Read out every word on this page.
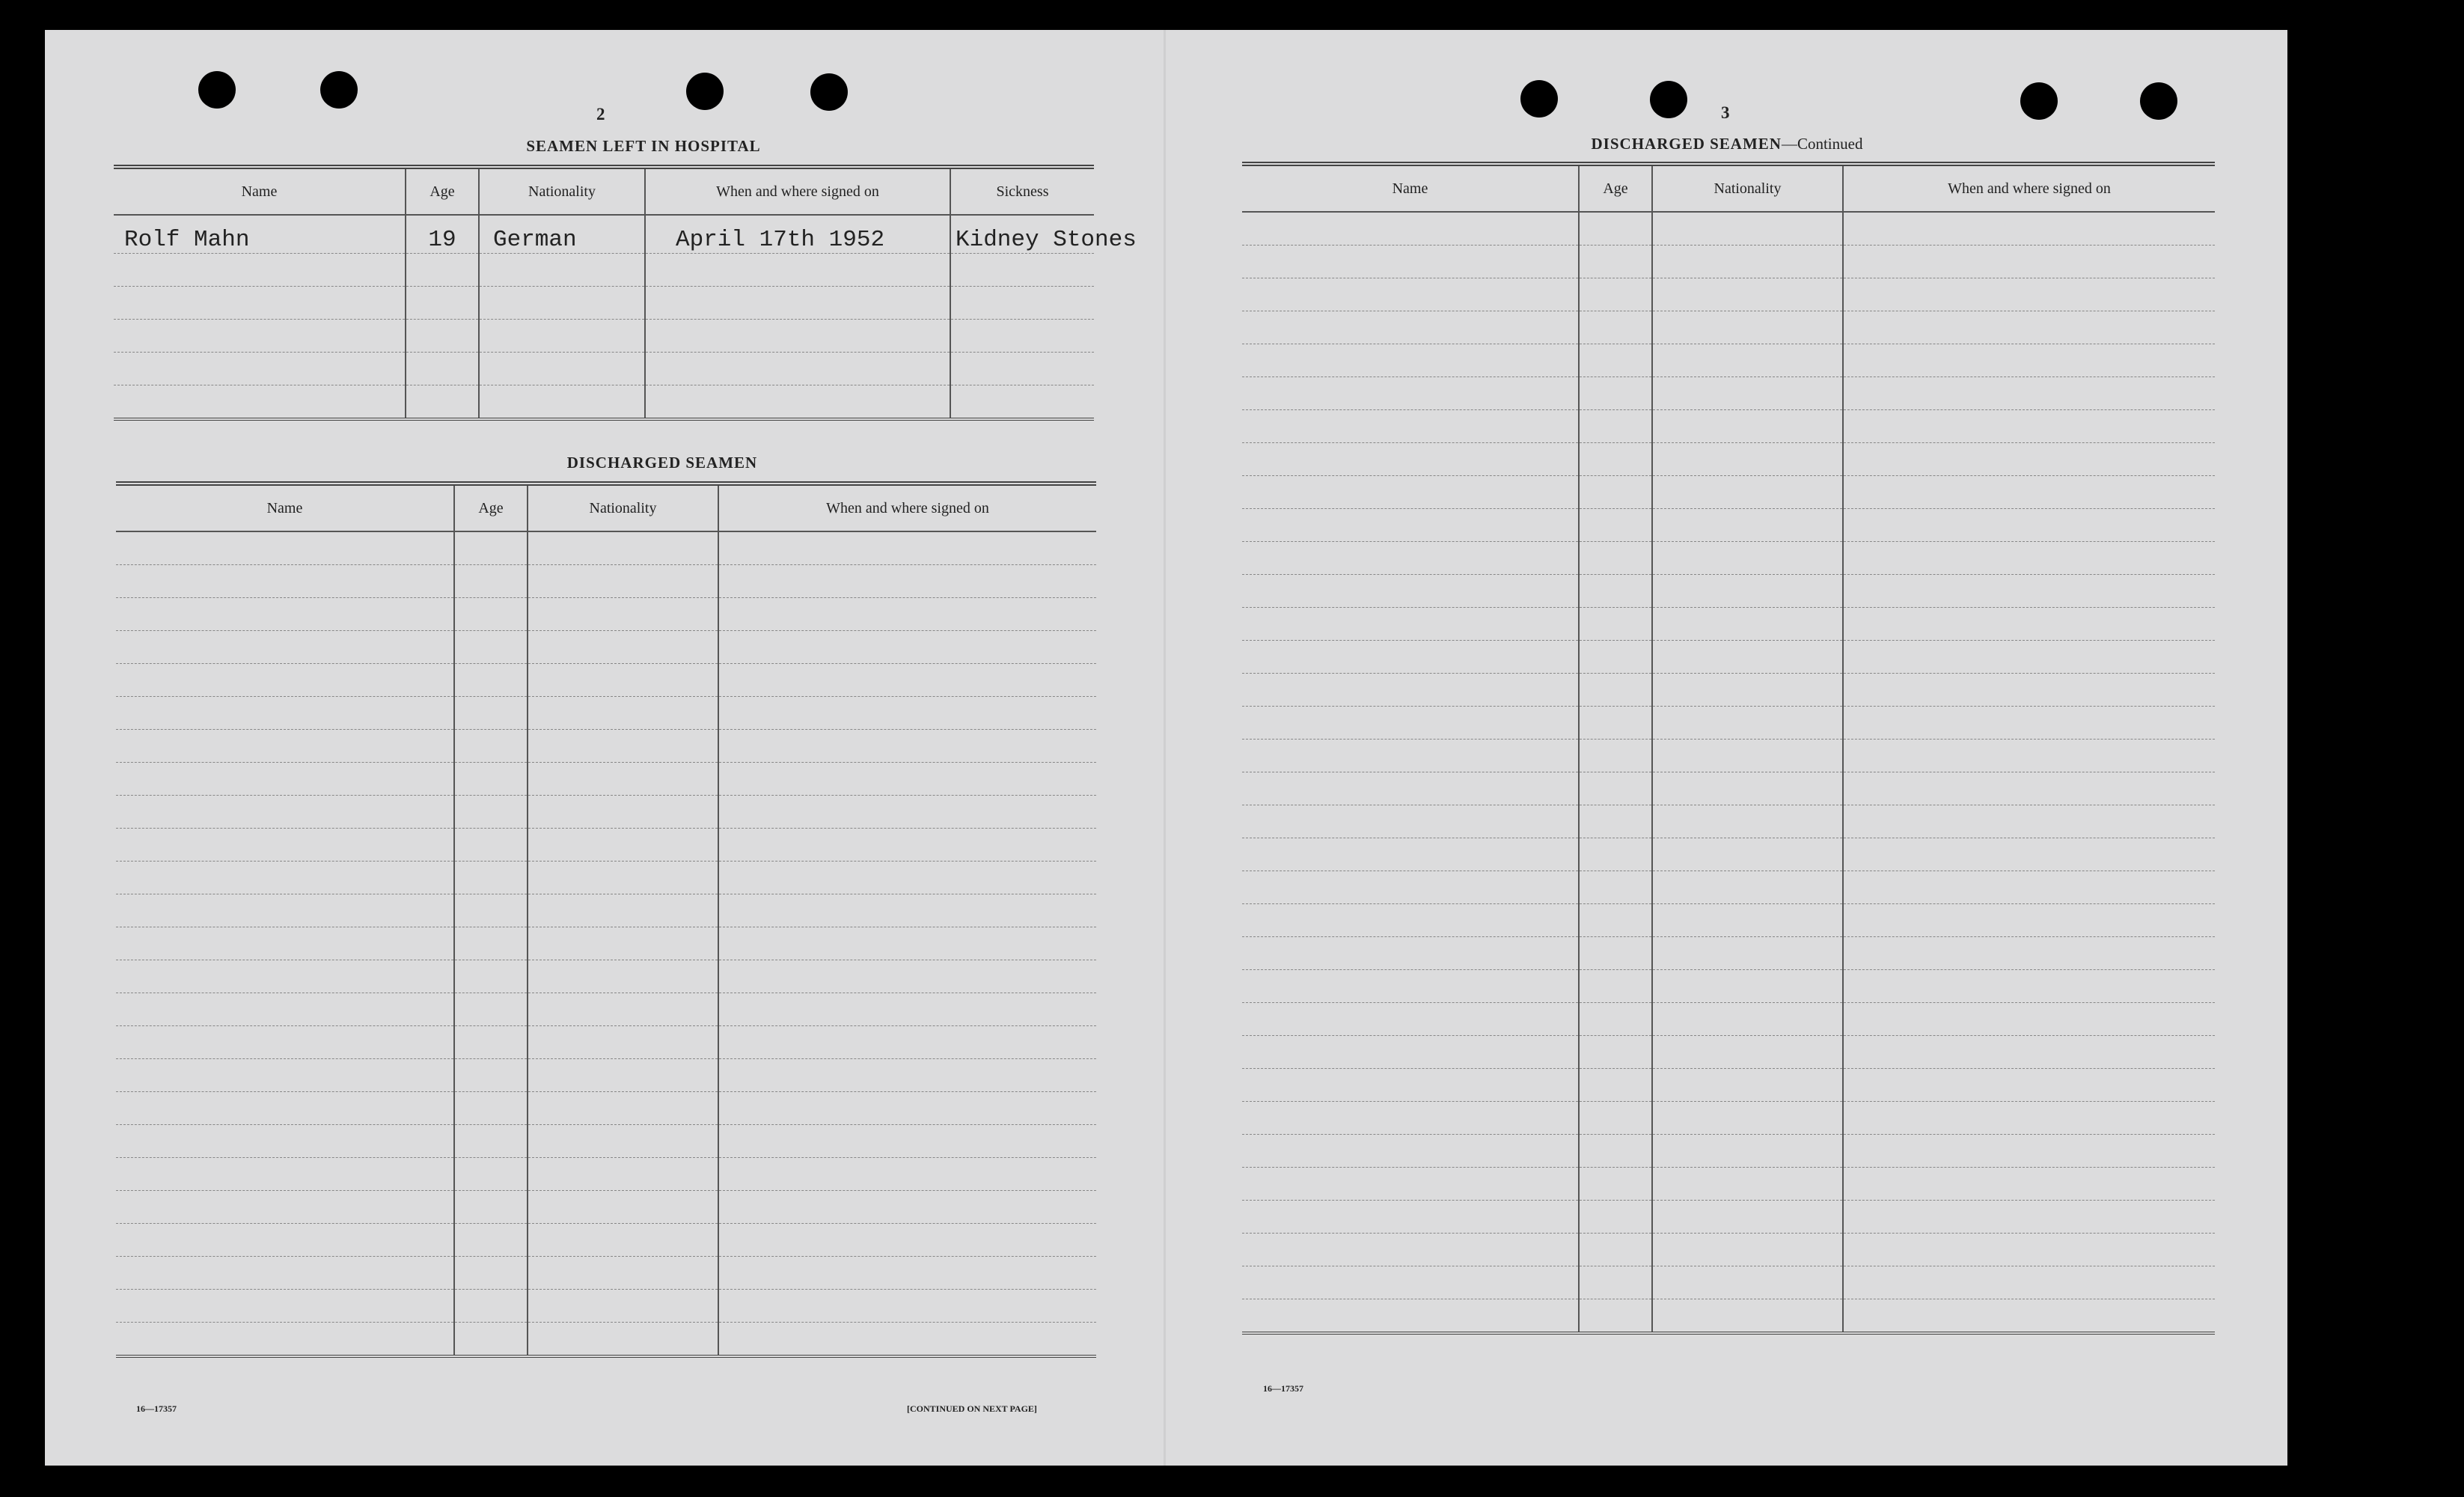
2
SEAMEN LEFT IN HOSPITAL
Name	Age	Nationality	When and where signed on	Sickness
Rolf Mahn	19	German	April 17th 1952	Kidney Stones

DISCHARGED SEAMEN
Name	Age	Nationality	When and where signed on

16—17357	[CONTINUED ON NEXT PAGE]
3
DISCHARGED SEAMEN—Continued
Name	Age	Nationality	When and where signed on

16—17357
